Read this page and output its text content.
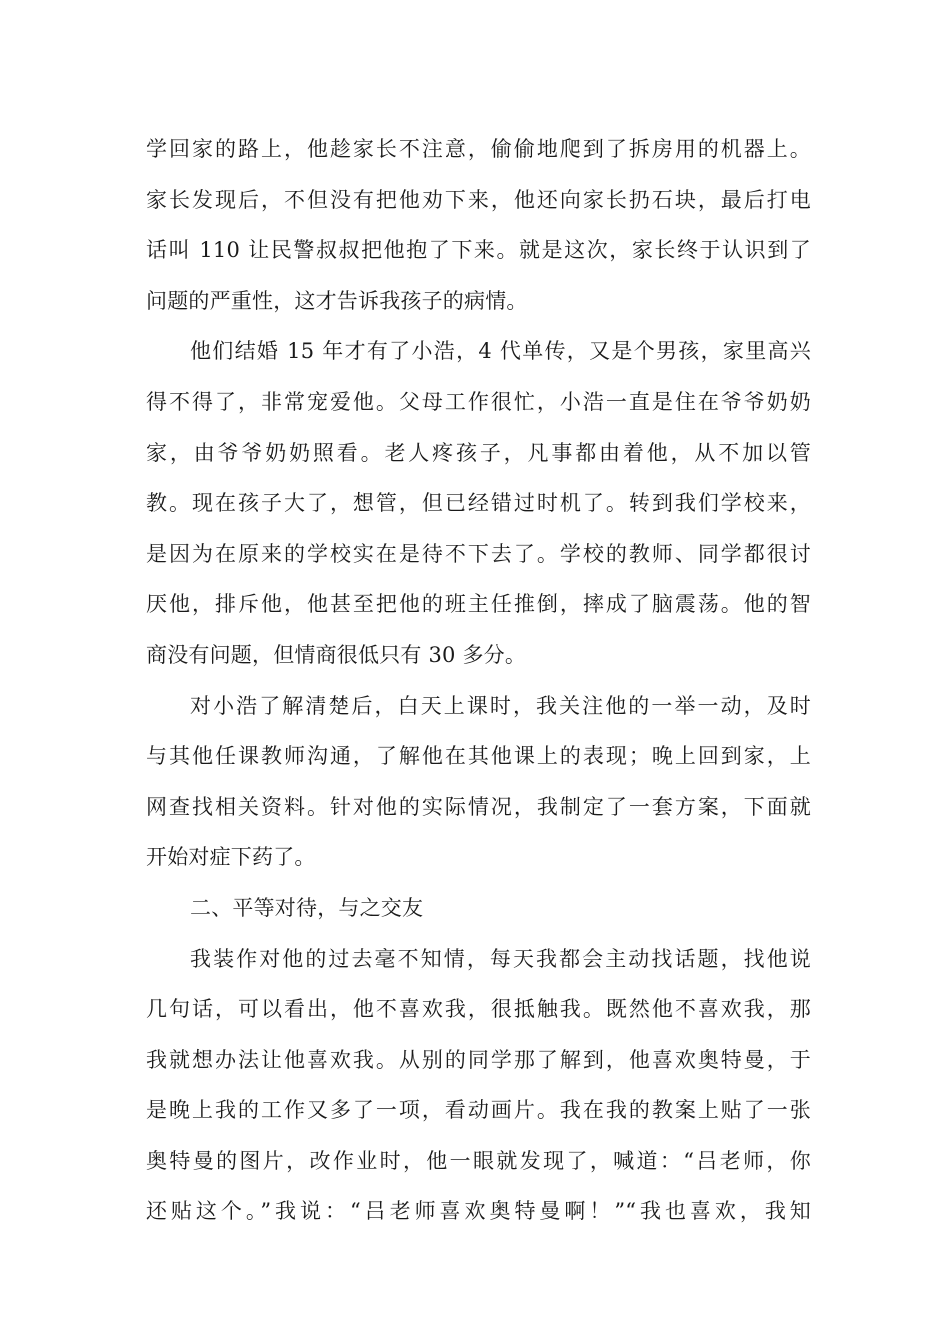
学回家的路上，他趁家长不注意，偷偷地爬到了拆房用的机器上。
家长发现后，不但没有把他劝下来，他还向家长扔石块，最后打电
话叫 110 让民警叔叔把他抱了下来。就是这次，家长终于认识到了
问题的严重性，这才告诉我孩子的病情。
他们结婚 15 年才有了小浩，4 代单传，又是个男孩，家里高兴
得不得了，非常宠爱他。父母工作很忙，小浩一直是住在爷爷奶奶
家，由爷爷奶奶照看。老人疼孩子，凡事都由着他，从不加以管
教。现在孩子大了，想管，但已经错过时机了。转到我们学校来，
是因为在原来的学校实在是待不下去了。学校的教师、同学都很讨
厌他，排斥他，他甚至把他的班主任推倒，摔成了脑震荡。他的智
商没有问题，但情商很低只有 30 多分。
对小浩了解清楚后，白天上课时，我关注他的一举一动，及时
与其他任课教师沟通，了解他在其他课上的表现；晚上回到家，上
网查找相关资料。针对他的实际情况，我制定了一套方案，下面就
开始对症下药了。
二、平等对待，与之交友
我装作对他的过去毫不知情，每天我都会主动找话题，找他说
几句话，可以看出，他不喜欢我，很抵触我。既然他不喜欢我，那
我就想办法让他喜欢我。从别的同学那了解到，他喜欢奥特曼，于
是晚上我的工作又多了一项，看动画片。我在我的教案上贴了一张
奥特曼的图片，改作业时，他一眼就发现了，喊道：“吕老师，你
还贴这个。”我说：“吕老师喜欢奥特曼啊！”“我也喜欢，我知
